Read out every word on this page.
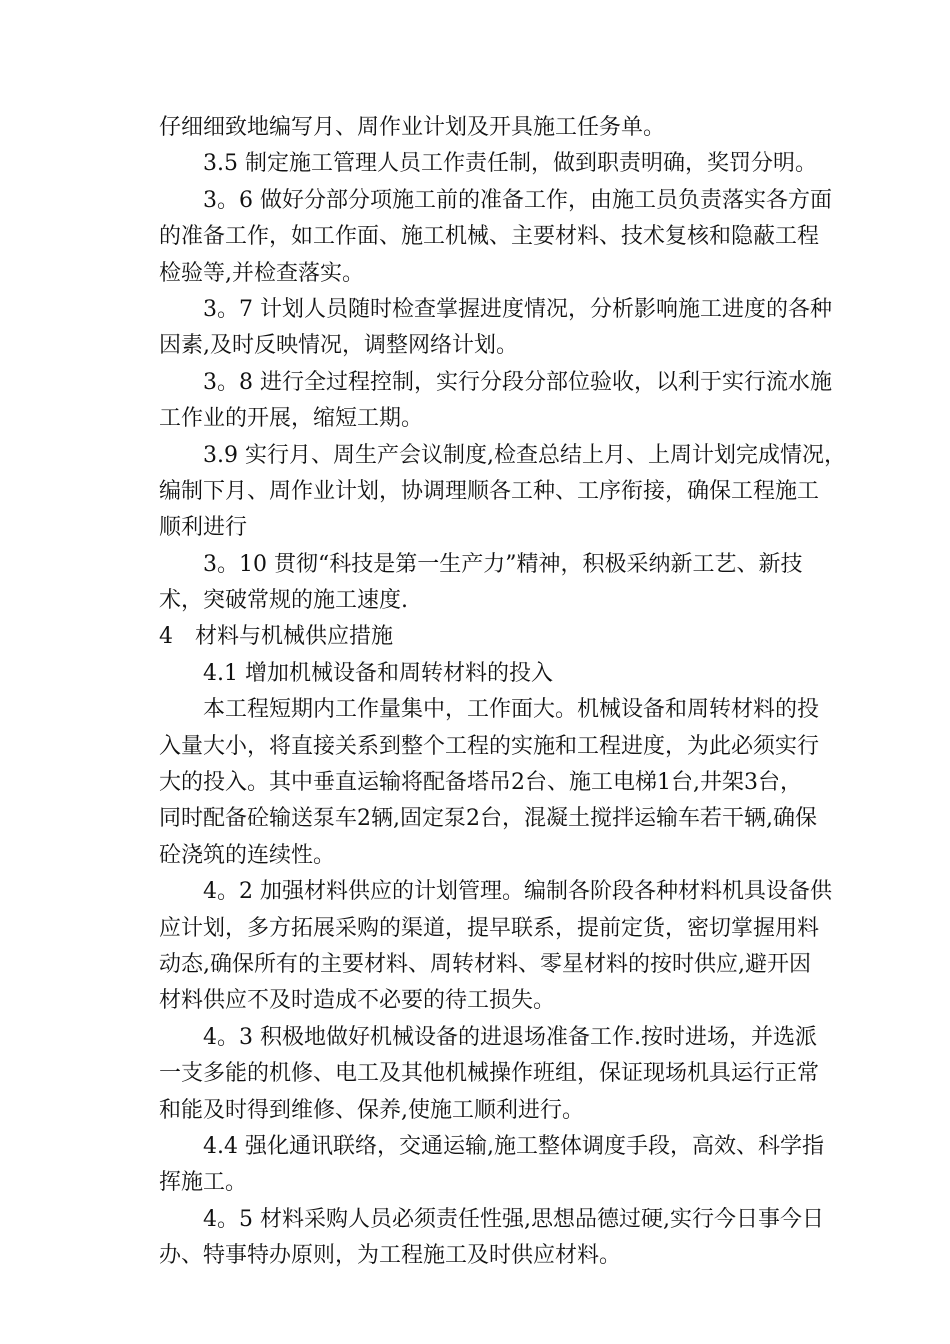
仔细细致地编写月、周作业计划及开具施工任务单。
3.5 制定施工管理人员工作责任制，做到职责明确，奖罚分明。
3。6 做好分部分项施工前的准备工作，由施工员负责落实各方面
的准备工作，如工作面、施工机械、主要材料、技术复核和隐蔽工程
检验等,并检查落实。
3。7 计划人员随时检查掌握进度情况，分析影响施工进度的各种
因素,及时反映情况，调整网络计划。
3。8 进行全过程控制，实行分段分部位验收，以利于实行流水施
工作业的开展，缩短工期。
3.9 实行月、周生产会议制度,检查总结上月、上周计划完成情况，
编制下月、周作业计划，协调理顺各工种、工序衔接，确保工程施工
顺利进行
3。10 贯彻“科技是第一生产力”精神，积极采纳新工艺、新技
术，突破常规的施工速度.
4　材料与机械供应措施
4.1 增加机械设备和周转材料的投入
本工程短期内工作量集中，工作面大。机械设备和周转材料的投
入量大小，将直接关系到整个工程的实施和工程进度，为此必须实行
大的投入。其中垂直运输将配备塔吊2台、施工电梯1台,井架3台，
同时配备砼输送泵车2辆,固定泵2台，混凝土搅拌运输车若干辆,确保
砼浇筑的连续性。
4。2 加强材料供应的计划管理。编制各阶段各种材料机具设备供
应计划，多方拓展采购的渠道，提早联系，提前定货，密切掌握用料
动态,确保所有的主要材料、周转材料、零星材料的按时供应,避开因
材料供应不及时造成不必要的待工损失。
4。3 积极地做好机械设备的进退场准备工作.按时进场，并选派
一支多能的机修、电工及其他机械操作班组，保证现场机具运行正常
和能及时得到维修、保养,使施工顺利进行。
4.4 强化通讯联络，交通运输,施工整体调度手段，高效、科学指
挥施工。
4。5 材料采购人员必须责任性强,思想品德过硬,实行今日事今日
办、特事特办原则，为工程施工及时供应材料。
